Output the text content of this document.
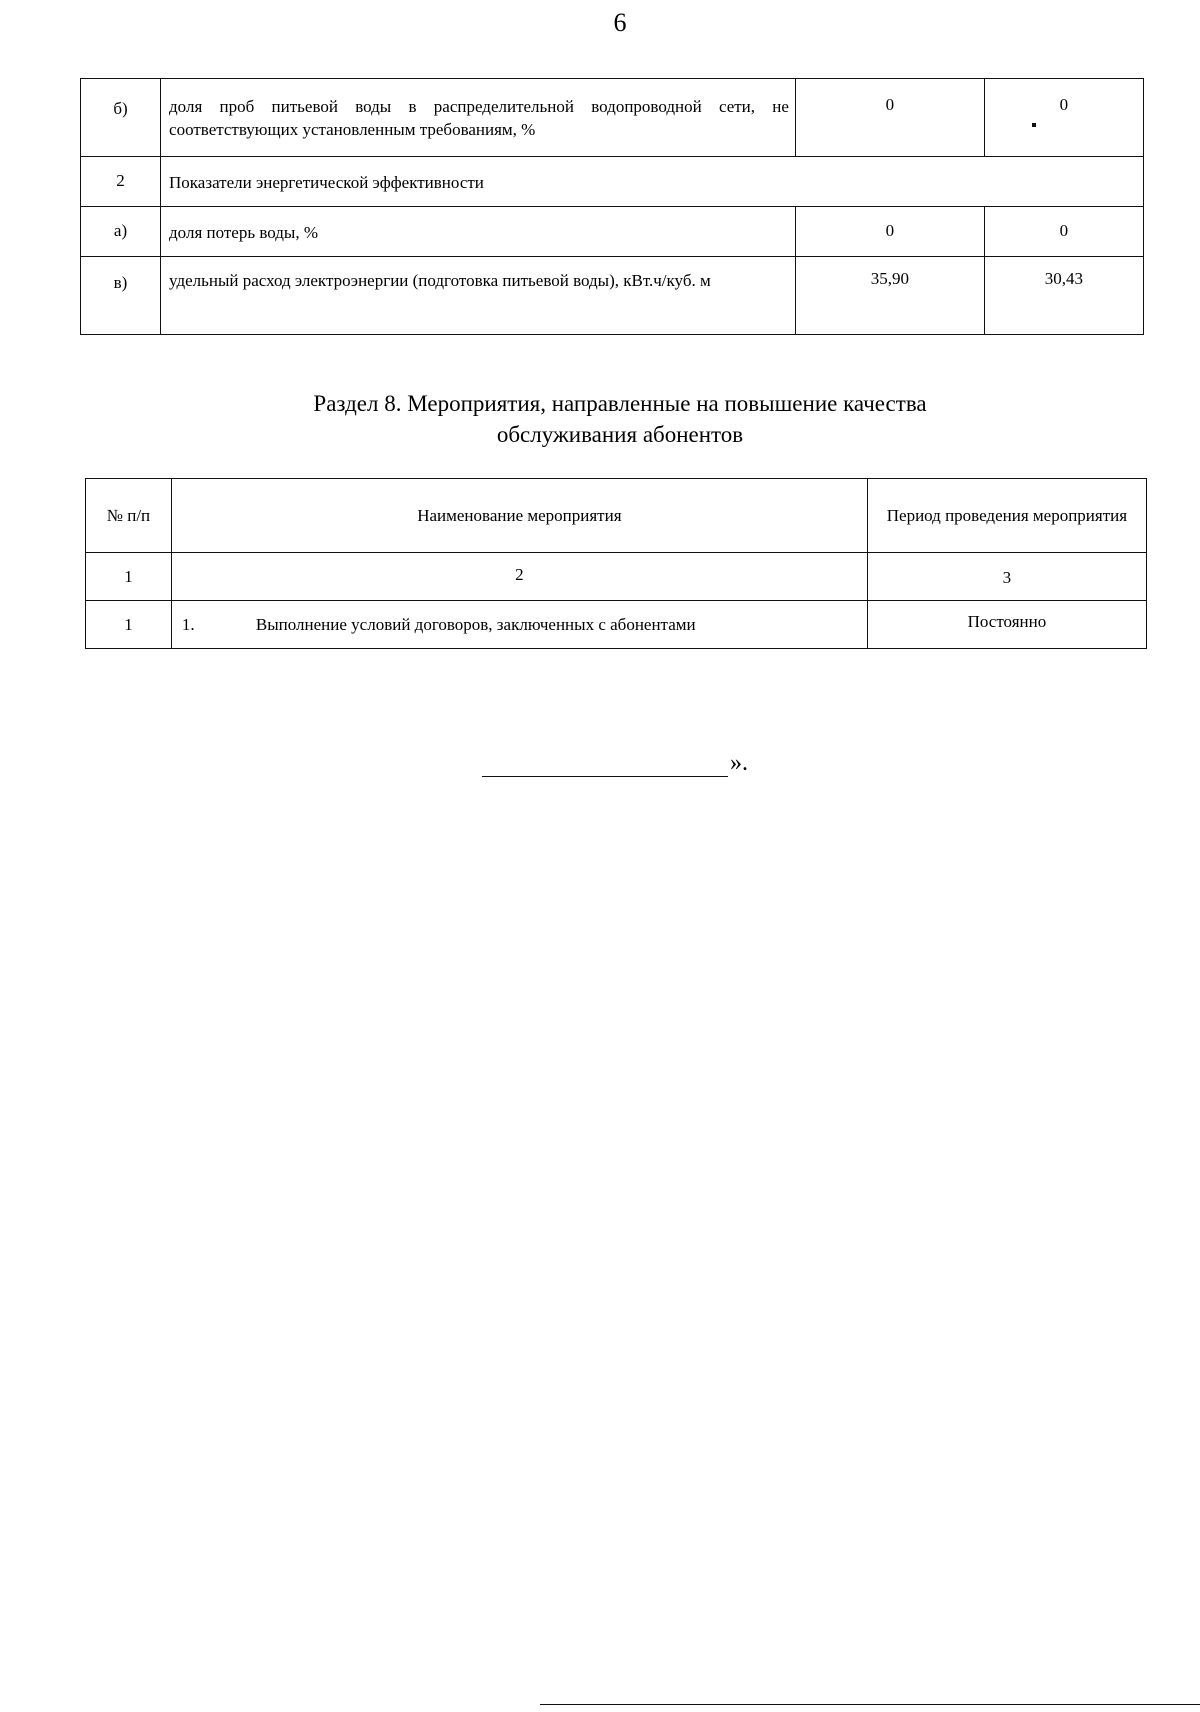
6
б)	доля проб питьевой воды в распределительной водопроводной сети, не соответствующих установленным требованиям, %	0	0

2	Показатели энергетической эффективности		
а)	доля потерь воды, %	0	0
в)	удельный расход электроэнергии (подготовка питьевой воды), кВт.ч/куб. м	35,90	30,43
Раздел 8. Мероприятия, направленные на повышение качества
обслуживания абонентов
№ п/п	Наименование мероприятия	Период проведения мероприятия
1	2	3
1	1. Выполнение условий договоров, заключенных с абонентами	Постоянно
».
